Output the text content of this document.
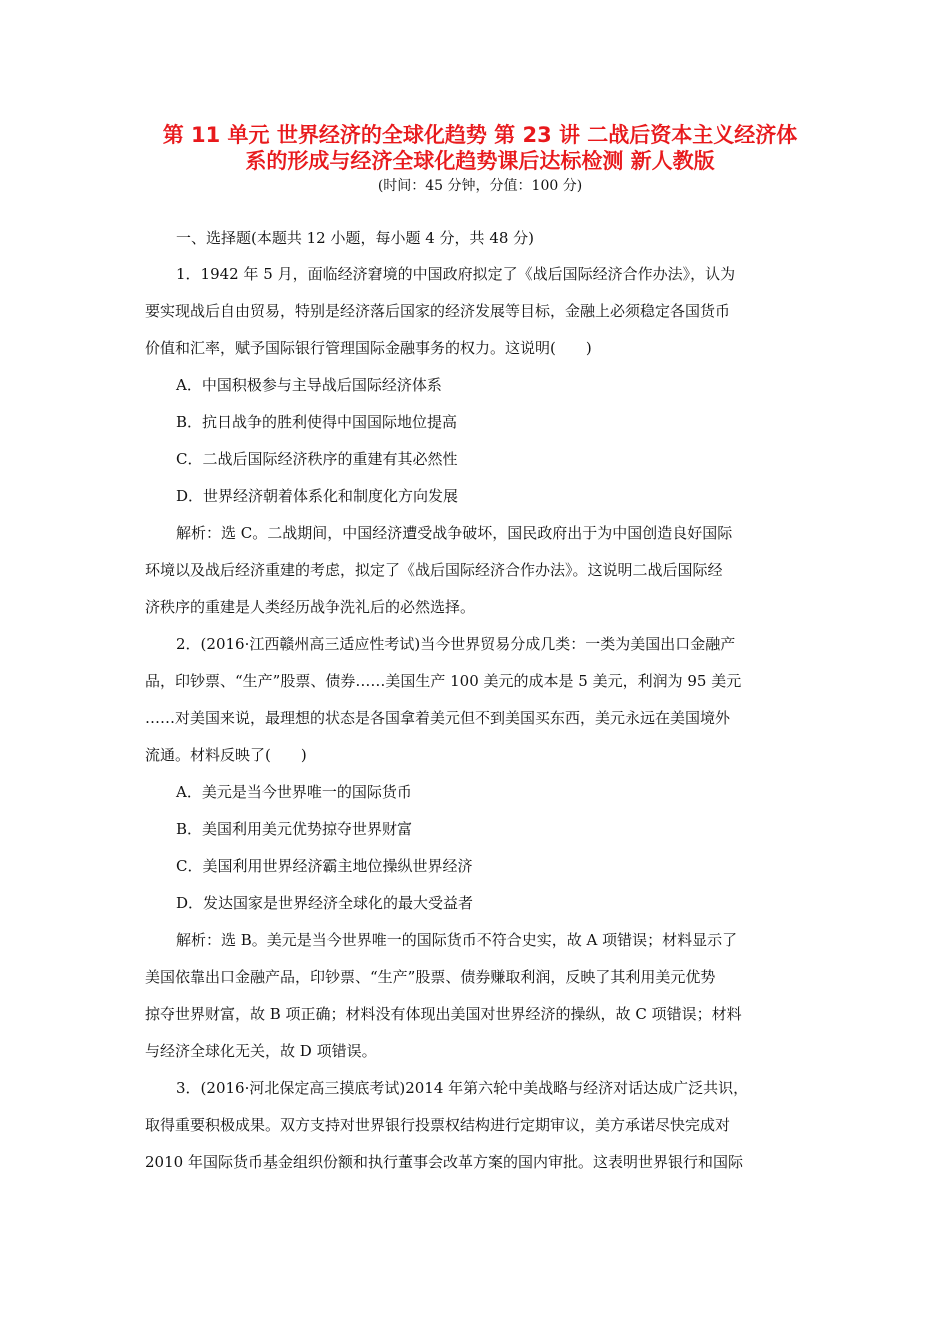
第 11 单元 世界经济的全球化趋势 第 23 讲 二战后资本主义经济体
系的形成与经济全球化趋势课后达标检测 新人教版
(时间：45 分钟，分值：100 分)
一、选择题(本题共 12 小题，每小题 4 分，共 48 分)
1．1942 年 5 月，面临经济窘境的中国政府拟定了《战后国际经济合作办法》，认为
要实现战后自由贸易，特别是经济落后国家的经济发展等目标，金融上必须稳定各国货币
价值和汇率，赋予国际银行管理国际金融事务的权力。这说明(　　)
A．中国积极参与主导战后国际经济体系
B．抗日战争的胜利使得中国国际地位提高
C．二战后国际经济秩序的重建有其必然性
D．世界经济朝着体系化和制度化方向发展
解析：选 C。二战期间，中国经济遭受战争破坏，国民政府出于为中国创造良好国际
环境以及战后经济重建的考虑，拟定了《战后国际经济合作办法》。这说明二战后国际经
济秩序的重建是人类经历战争洗礼后的必然选择。
2．(2016·江西赣州高三适应性考试)当今世界贸易分成几类：一类为美国出口金融产
品，印钞票、“生产”股票、债券……美国生产 100 美元的成本是 5 美元，利润为 95 美元
……对美国来说，最理想的状态是各国拿着美元但不到美国买东西，美元永远在美国境外
流通。材料反映了(　　)
A．美元是当今世界唯一的国际货币
B．美国利用美元优势掠夺世界财富
C．美国利用世界经济霸主地位操纵世界经济
D．发达国家是世界经济全球化的最大受益者
解析：选 B。美元是当今世界唯一的国际货币不符合史实，故 A 项错误；材料显示了
美国依靠出口金融产品，印钞票、“生产”股票、债券赚取利润，反映了其利用美元优势
掠夺世界财富，故 B 项正确；材料没有体现出美国对世界经济的操纵，故 C 项错误；材料
与经济全球化无关，故 D 项错误。
3．(2016·河北保定高三摸底考试)2014 年第六轮中美战略与经济对话达成广泛共识，
取得重要积极成果。双方支持对世界银行投票权结构进行定期审议，美方承诺尽快完成对
2010 年国际货币基金组织份额和执行董事会改革方案的国内审批。这表明世界银行和国际
